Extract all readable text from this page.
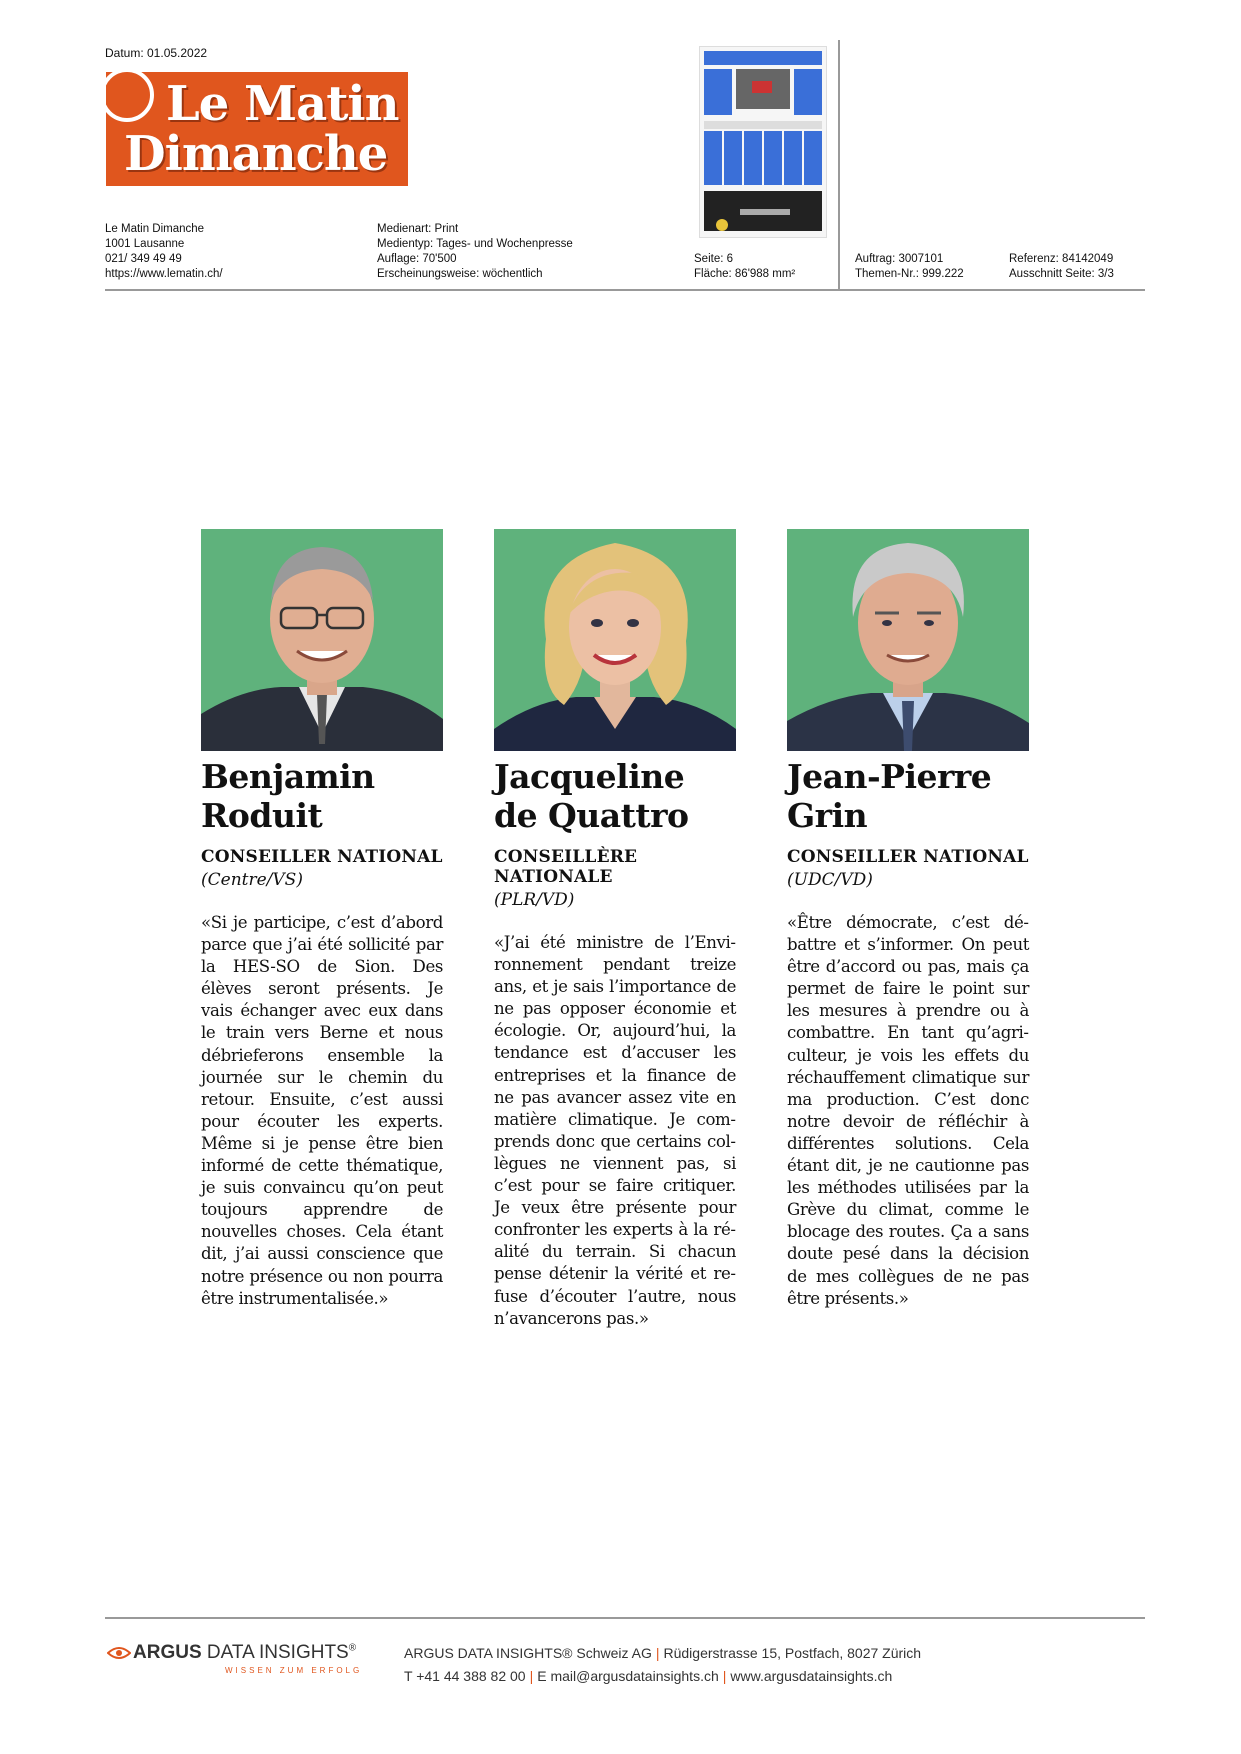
Datum: 01.05.2022
Le Matin
Dimanche
Le Matin Dimanche
1001 Lausanne
021/ 349 49 49
https://www.lematin.ch/
Medienart: Print
Medientyp: Tages- und Wochenpresse
Auflage: 70'500
Erscheinungsweise: wöchentlich
Seite: 6
Fläche: 86'988 mm²
Auftrag: 3007101
Themen-Nr.: 999.222
Referenz: 84142049
Ausschnitt Seite: 3/3
Benjamin
Roduit
CONSEILLER NATIONAL
(Centre/VS)
«Si je participe, c’est d’abord parce que j’ai été sollicité par la HES-SO de Sion. Des élèves seront présents. Je vais échanger avec eux dans le train vers Berne et nous débrieferons ensemble la journée sur le chemin du retour. Ensuite, c’est aussi pour écouter les experts. Même si je pense être bien informé de cette thématique, je suis convaincu qu’on peut toujours apprendre de nouvelles choses. Cela étant dit, j’ai aussi conscience que notre présence ou non pourra être instrumentalisée.»
Jacqueline
de Quattro
CONSEILLÈRE NATIONALE
(PLR/VD)
«J’ai été ministre de l’Environnement pendant treize ans, et je sais l’importance de ne pas opposer économie et écologie. Or, aujourd’hui, la tendance est d’accuser les entreprises et la finance de ne pas avancer assez vite en matière climatique. Je comprends donc que certains collègues ne viennent pas, si c’est pour se faire critiquer. Je veux être présente pour confronter les experts à la réalité du terrain. Si chacun pense détenir la vérité et refuse d’écouter l’autre, nous n’avancerons pas.»
Jean-Pierre
Grin
CONSEILLER NATIONAL
(UDC/VD)
«Être démocrate, c’est débattre et s’informer. On peut être d’accord ou pas, mais ça permet de faire le point sur les mesures à prendre ou à combattre. En tant qu’agriculteur, je vois les effets du réchauffement climatique sur ma production. C’est donc notre devoir de réfléchir à différentes solutions. Cela étant dit, je ne cautionne pas les méthodes utilisées par la Grève du climat, comme le blocage des routes. Ça a sans doute pesé dans la décision de mes collègues de ne pas être présents.»
ARGUS DATA INSIGHTS®
WISSEN ZUM ERFOLG
ARGUS DATA INSIGHTS® Schweiz AG | Rüdigerstrasse 15, Postfach, 8027 Zürich
T +41 44 388 82 00 | E mail@argusdatainsights.ch | www.argusdatainsights.ch
